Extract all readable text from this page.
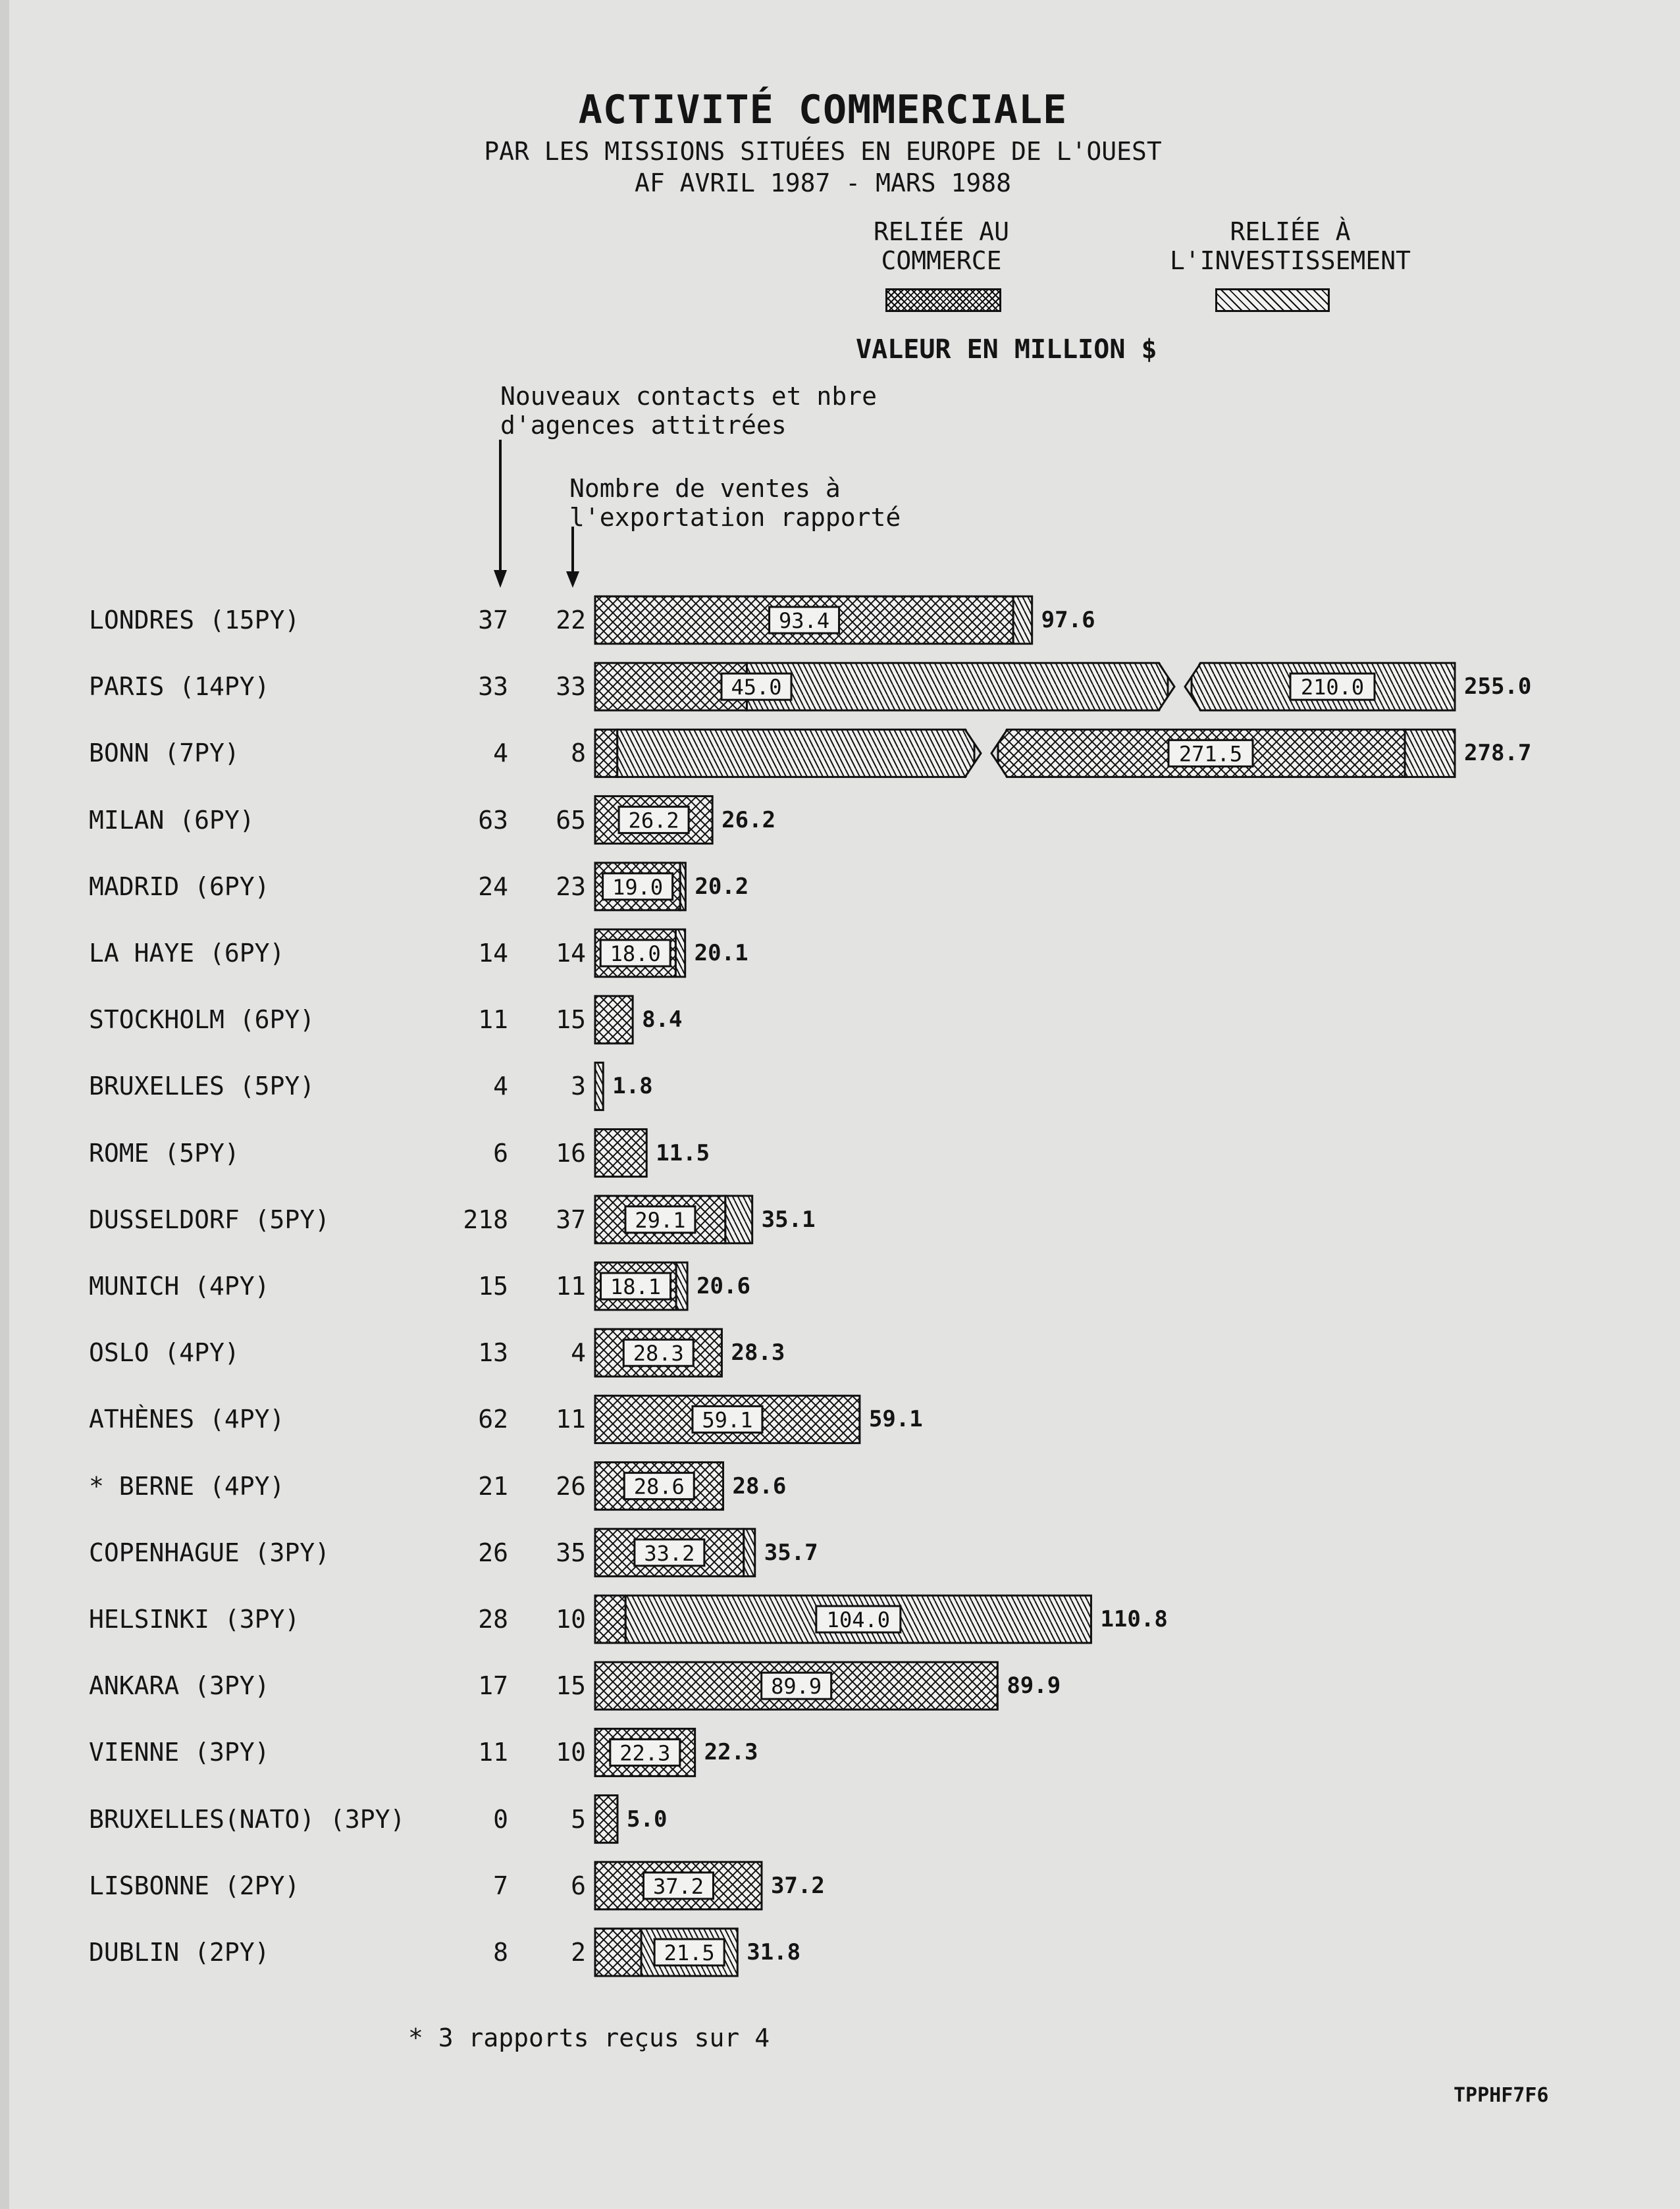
ACTIVITÉ COMMERCIALE
PAR LES MISSIONS SITUÉES EN EUROPE DE L'OUEST
AF AVRIL 1987 - MARS 1988
RELIÉE AU
COMMERCE
RELIÉE À
L'INVESTISSEMENT
VALEUR EN MILLION $
Nouveaux contacts et nbre
d'agences attitrées
Nombre de ventes à
l'exportation rapporté
LONDRES (15PY)	37	22	97.6
PARIS (14PY)	33	33	255.0
BONN (7PY)	4	8	278.7
MILAN (6PY)	63	65	26.2
MADRID (6PY)	24	23	20.2
LA HAYE (6PY)	14	14	20.1
STOCKHOLM (6PY)	11	15	8.4
BRUXELLES (5PY)	4	3 1.8
ROME (5PY)	6	16	11.5
DUSSELDORF (5PY)	218	37	35.1
MUNICH (4PY)	15	11	20.6
OSLO (4PY)	13	4	28.3
ATHÈNES (4PY)	62	11	59.1
* BERNE (4PY)	21	26	28.6
COPENHAGUE (3PY)	26	35	35.7
HELSINKI (3PY)	28	10	110.8
ANKARA (3PY)	17	15	89.9
VIENNE (3PY)	11	10	22.3
BRUXELLES(NATO) (3PY)	0	5 5.0
LISBONNE (2PY)	7	6	37.2
DUBLIN (2PY)	8	2	31.8
93.4
45.0	210.0
271.5
26.2
19.0
18.0
29.1
18.1
28.3
59.1
28.6
33.2
104.0
89.9
22.3
37.2
21.5
* 3 rapports reçus sur 4
TPPHF7F6
